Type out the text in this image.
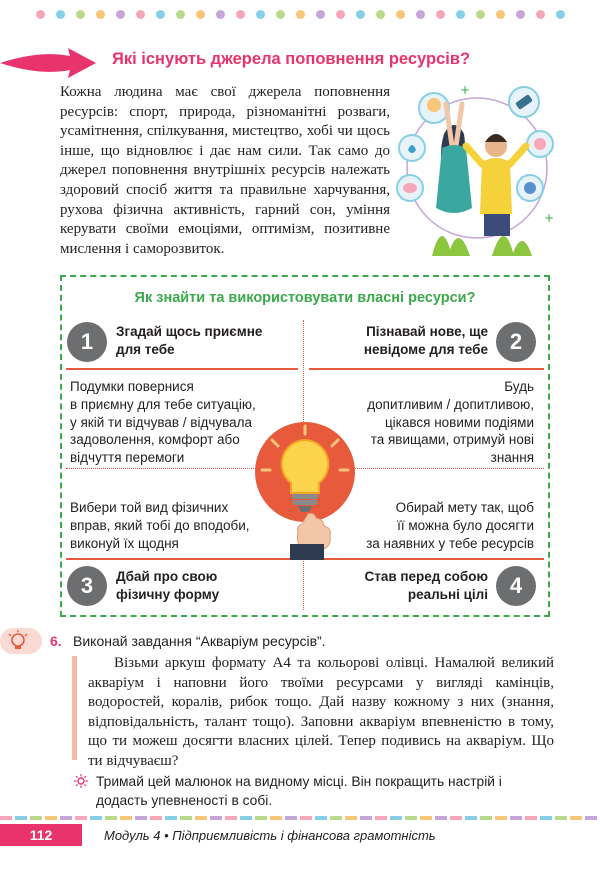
Які існують джерела поповнення ресурсів?

Кожна людина має свої джерела поповнення ресурсів: спорт, природа, різноманітні розваги, усамітнення, спілкування, мистецтво, хобі чи щось інше, що відновлює і дає нам сили. Так само до джерел поповнення внутрішніх ресурсів належать здоровий спосіб життя та правильне харчування, рухова фізична активність, гарний сон, уміння керувати своїми емоціями, оптимізм, позитивне мислення і саморозвиток.

+
+
Як знайти та використовувати власні ресурси?
1	Згадай щось приємне
для тебе
Подумки повернися
в приємну для тебе ситуацію,
у якій ти відчував / відчувала
задоволення, комфорт або
відчуття перемоги
2
Пізнавай нове, ще
невідоме для тебе
Будь
допитливим / допитливою,
цікався новими подіями
та явищами, отримуй нові
знання
Вибери той вид фізичних
вправ, який тобі до вподоби,
виконуй їх щодня
3	Дбай про свою
фізичну форму
Обирай мету так, щоб
її можна було досягти
за наявних у тебе ресурсів
4
Став перед собою
реальні цілі
6. Виконай завдання “Акваріум ресурсів”.

Візьми аркуш формату А4 та кольорові олівці. Намалюй великий акваріум і наповни його твоїми ресурсами у вигляді камінців, водоростей, коралів, рибок тощо. Дай назву кожному з них (знання, відповідальність, талант тощо). Заповни акваріум впевненістю в тому, що ти можеш досягти власних цілей. Тепер подивись на акваріум. Що ти відчуваєш?

Тримай цей малюнок на видному місці. Він покращить настрій і додасть упевненості в собі.

112	Модуль 4 • Підприємливість і фінансова грамотність
